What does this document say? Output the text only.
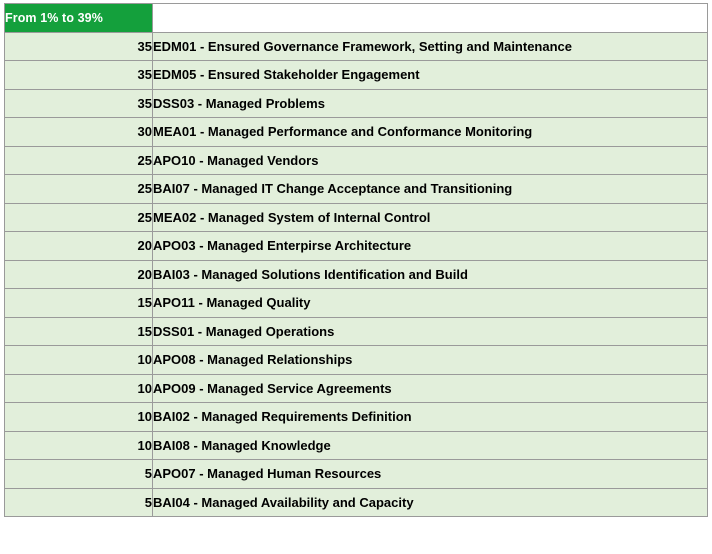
From 1% to 39%	
35	EDM01 - Ensured Governance Framework, Setting and Maintenance
35	EDM05 - Ensured Stakeholder Engagement
35	DSS03 - Managed Problems
30	MEA01 - Managed Performance and Conformance Monitoring
25	APO10 - Managed Vendors
25	BAI07 - Managed IT Change Acceptance and Transitioning
25	MEA02 - Managed System of Internal Control
20	APO03 - Managed Enterpirse Architecture
20	BAI03 - Managed Solutions Identification and Build
15	APO11 - Managed Quality
15	DSS01 - Managed Operations
10	APO08 - Managed Relationships
10	APO09 - Managed Service Agreements
10	BAI02 - Managed Requirements Definition
10	BAI08 - Managed Knowledge
5	APO07 - Managed Human Resources
5	BAI04 - Managed Availability and Capacity
